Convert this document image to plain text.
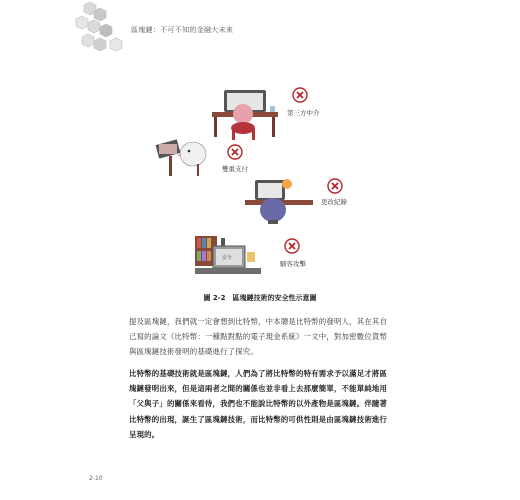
區塊鏈：不可不知的金融大未來
第三方中介
雙重支付
更改紀錄
安全
駭客攻擊
圖 2-2　區塊鏈技術的安全性示意圖
提及區塊鏈，我們就一定會想到比特幣，中本聰是比特幣的發明人，其在其自己寫的論文《比特幣：一種點對點的電子現金系統》一文中，對加密數位貨幣與區塊鏈技術發明的基礎進行了探究。
比特幣的基礎技術就是區塊鏈，人們為了將比特幣的特有需求予以滿足才將區塊鏈發明出來，但是這兩者之間的關係也並非看上去那麼簡單，不能單純地用「父與子」的關係來看待，我們也不能說比特幣的以外產物是區塊鏈。伴隨著比特幣的出現，誕生了區塊鏈技術，而比特幣的可供性則是由區塊鏈技術進行呈現的。
2-10
